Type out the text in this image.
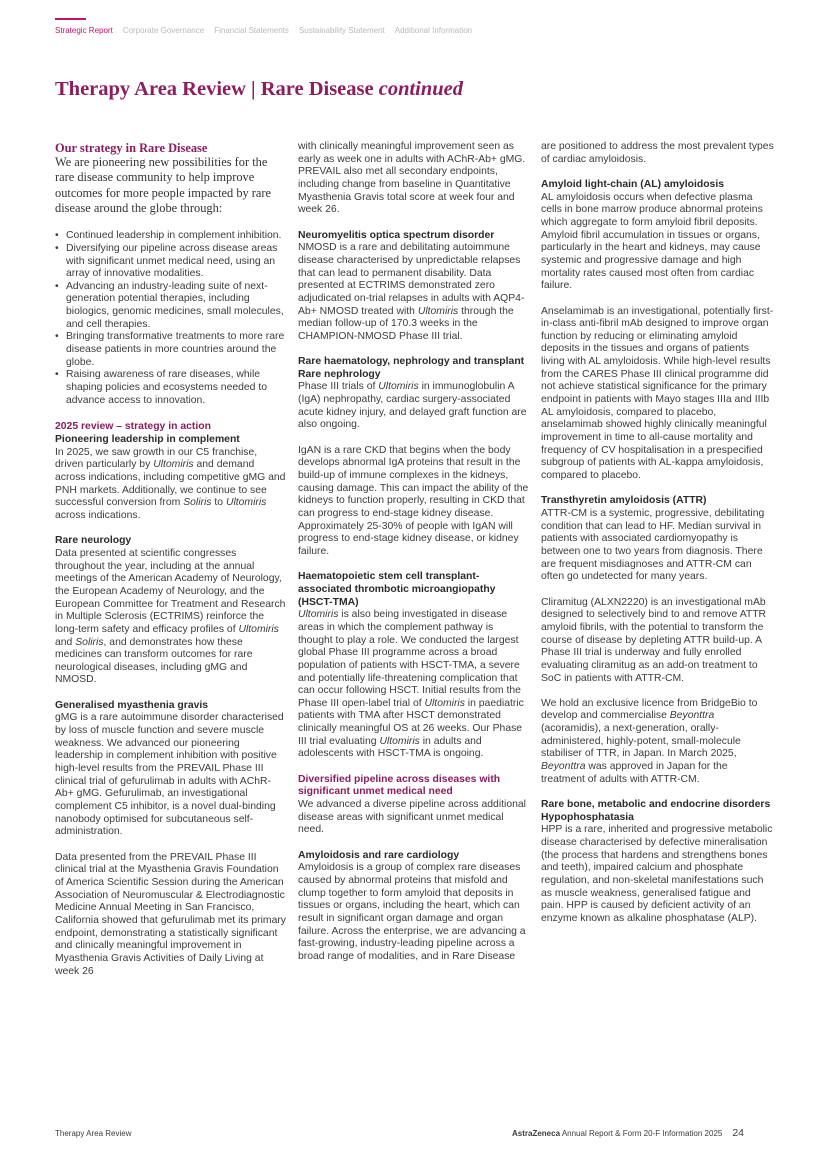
Strategic Report Corporate Governance Financial Statements Sustainability Statement Additional Information
Therapy Area Review | Rare Disease continued
Our strategy in Rare Disease
We are pioneering new possibilities for the rare disease community to help improve outcomes for more people impacted by rare disease around the globe through:
• Continued leadership in complement inhibition.
• Diversifying our pipeline across disease areas with significant unmet medical need, using an array of innovative modalities.
• Advancing an industry-leading suite of next-generation potential therapies, including biologics, genomic medicines, small molecules, and cell therapies.
• Bringing transformative treatments to more rare disease patients in more countries around the globe.
• Raising awareness of rare diseases, while shaping policies and ecosystems needed to advance access to innovation.
2025 review – strategy in action
Pioneering leadership in complement

In 2025, we saw growth in our C5 franchise, driven particularly by Ultomiris and demand across indications, including competitive gMG and PNH markets. Additionally, we continue to see successful conversion from Soliris to Ultomiris across indications.

Rare neurology

Data presented at scientific congresses throughout the year, including at the annual meetings of the American Academy of Neurology, the European Academy of Neurology, and the European Committee for Treatment and Research in Multiple Sclerosis (ECTRIMS) reinforce the long-term safety and efficacy profiles of Ultomiris and Soliris, and demonstrates how these medicines can transform outcomes for rare neurological diseases, including gMG and NMOSD.

Generalised myasthenia gravis

gMG is a rare autoimmune disorder characterised by loss of muscle function and severe muscle weakness. We advanced our pioneering leadership in complement inhibition with positive high-level results from the PREVAIL Phase III clinical trial of gefurulimab in adults with AChR-Ab+ gMG. Gefurulimab, an investigational complement C5 inhibitor, is a novel dual-binding nanobody optimised for subcutaneous self-administration.

Data presented from the PREVAIL Phase III clinical trial at the Myasthenia Gravis Foundation of America Scientific Session during the American Association of Neuromuscular & Electrodiagnostic Medicine Annual Meeting in San Francisco, California showed that gefurulimab met its primary endpoint, demonstrating a statistically significant and clinically meaningful improvement in Myasthenia Gravis Activities of Daily Living at week 26

with clinically meaningful improvement seen as early as week one in adults with AChR-Ab+ gMG. PREVAIL also met all secondary endpoints, including change from baseline in Quantitative Myasthenia Gravis total score at week four and week 26.

Neuromyelitis optica spectrum disorder

NMOSD is a rare and debilitating autoimmune disease characterised by unpredictable relapses that can lead to permanent disability. Data presented at ECTRIMS demonstrated zero adjudicated on-trial relapses in adults with AQP4-Ab+ NMOSD treated with Ultomiris through the median follow-up of 170.3 weeks in the CHAMPION-NMOSD Phase III trial.

Rare haematology, nephrology and transplant
Rare nephrology

Phase III trials of Ultomiris in immunoglobulin A (IgA) nephropathy, cardiac surgery-associated acute kidney injury, and delayed graft function are also ongoing.

IgAN is a rare CKD that begins when the body develops abnormal IgA proteins that result in the build-up of immune complexes in the kidneys, causing damage. This can impact the ability of the kidneys to function properly, resulting in CKD that can progress to end-stage kidney disease. Approximately 25-30% of people with IgAN will progress to end-stage kidney disease, or kidney failure.

Haematopoietic stem cell transplant-associated thrombotic microangiopathy (HSCT-TMA)

Ultomiris is also being investigated in disease areas in which the complement pathway is thought to play a role. We conducted the largest global Phase III programme across a broad population of patients with HSCT-TMA, a severe and potentially life-threatening complication that can occur following HSCT. Initial results from the Phase III open-label trial of Ultomiris in paediatric patients with TMA after HSCT demonstrated clinically meaningful OS at 26 weeks. Our Phase III trial evaluating Ultomiris in adults and adolescents with HSCT-TMA is ongoing.

Diversified pipeline across diseases with significant unmet medical need

We advanced a diverse pipeline across additional disease areas with significant unmet medical need.

Amyloidosis and rare cardiology

Amyloidosis is a group of complex rare diseases caused by abnormal proteins that misfold and clump together to form amyloid that deposits in tissues or organs, including the heart, which can result in significant organ damage and organ failure. Across the enterprise, we are advancing a fast-growing, industry-leading pipeline across a broad range of modalities, and in Rare Disease

are positioned to address the most prevalent types of cardiac amyloidosis.

Amyloid light-chain (AL) amyloidosis

AL amyloidosis occurs when defective plasma cells in bone marrow produce abnormal proteins which aggregate to form amyloid fibril deposits. Amyloid fibril accumulation in tissues or organs, particularly in the heart and kidneys, may cause systemic and progressive damage and high mortality rates caused most often from cardiac failure.

Anselamimab is an investigational, potentially first-in-class anti-fibril mAb designed to improve organ function by reducing or eliminating amyloid deposits in the tissues and organs of patients living with AL amyloidosis. While high-level results from the CARES Phase III clinical programme did not achieve statistical significance for the primary endpoint in patients with Mayo stages IIIa and IIIb AL amyloidosis, compared to placebo, anselamimab showed highly clinically meaningful improvement in time to all-cause mortality and frequency of CV hospitalisation in a prespecified subgroup of patients with AL-kappa amyloidosis, compared to placebo.

Transthyretin amyloidosis (ATTR)

ATTR-CM is a systemic, progressive, debilitating condition that can lead to HF. Median survival in patients with associated cardiomyopathy is between one to two years from diagnosis. There are frequent misdiagnoses and ATTR-CM can often go undetected for many years.

Cliramitug (ALXN2220) is an investigational mAb designed to selectively bind to and remove ATTR amyloid fibrils, with the potential to transform the course of disease by depleting ATTR build-up. A Phase III trial is underway and fully enrolled evaluating cliramitug as an add-on treatment to SoC in patients with ATTR-CM.

We hold an exclusive licence from BridgeBio to develop and commercialise Beyonttra (acoramidis), a next-generation, orally-administered, highly-potent, small-molecule stabiliser of TTR, in Japan. In March 2025, Beyonttra was approved in Japan for the treatment of adults with ATTR-CM.

Rare bone, metabolic and endocrine disorders
Hypophosphatasia

HPP is a rare, inherited and progressive metabolic disease characterised by defective mineralisation (the process that hardens and strengthens bones and teeth), impaired calcium and phosphate regulation, and non-skeletal manifestations such as muscle weakness, generalised fatigue and pain. HPP is caused by deficient activity of an enzyme known as alkaline phosphatase (ALP).

Therapy Area Review	AstraZeneca Annual Report & Form 20-F Information 2025 24
